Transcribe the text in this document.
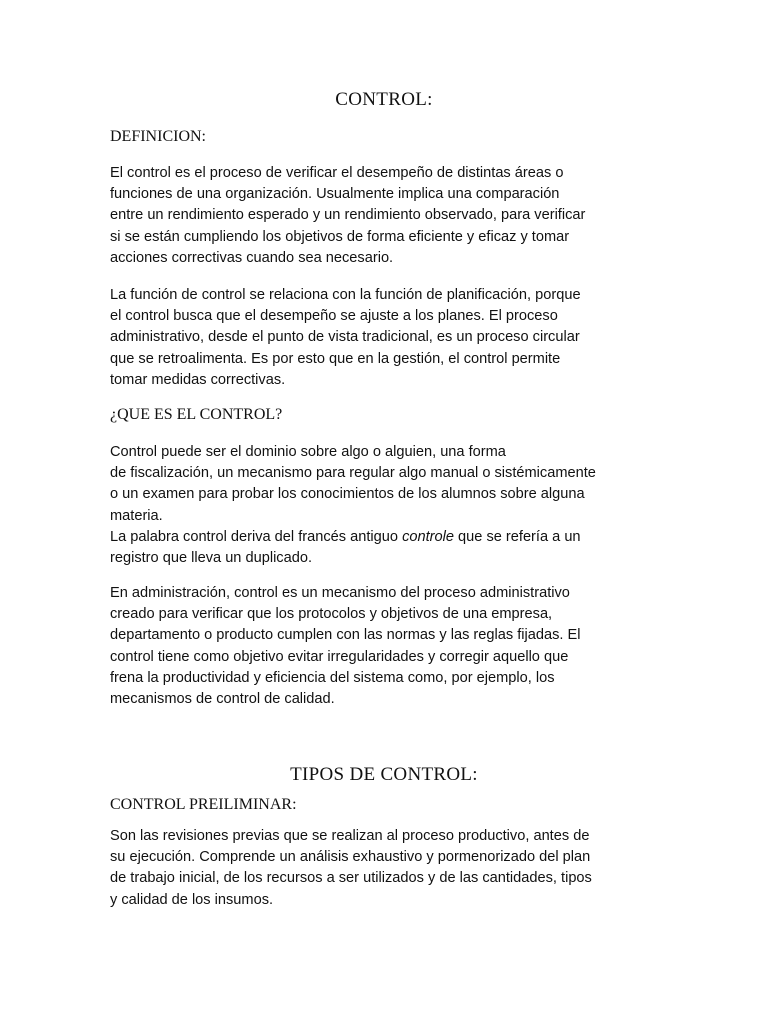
CONTROL:
DEFINICION:

El control es el proceso de verificar el desempeño de distintas áreas o
funciones de una organización. Usualmente implica una comparación
entre un rendimiento esperado y un rendimiento observado, para verificar
si se están cumpliendo los objetivos de forma eficiente y eficaz y tomar
acciones correctivas cuando sea necesario.

La función de control se relaciona con la función de planificación, porque
el control busca que el desempeño se ajuste a los planes. El proceso
administrativo, desde el punto de vista tradicional, es un proceso circular
que se retroalimenta. Es por esto que en la gestión, el control permite
tomar medidas correctivas.

¿QUE ES EL CONTROL?

Control puede ser el dominio sobre algo o alguien, una forma
de fiscalización, un mecanismo para regular algo manual o sistémicamente
o un examen para probar los conocimientos de los alumnos sobre alguna
materia.
La palabra control deriva del francés antiguo controle que se refería a un
registro que lleva un duplicado.

En administración, control es un mecanismo del proceso administrativo
creado para verificar que los protocolos y objetivos de una empresa,
departamento o producto cumplen con las normas y las reglas fijadas. El
control tiene como objetivo evitar irregularidades y corregir aquello que
frena la productividad y eficiencia del sistema como, por ejemplo, los
mecanismos de control de calidad.

TIPOS DE CONTROL:
CONTROL PREILIMINAR:

Son las revisiones previas que se realizan al proceso productivo, antes de
su ejecución. Comprende un análisis exhaustivo y pormenorizado del plan
de trabajo inicial, de los recursos a ser utilizados y de las cantidades, tipos
y calidad de los insumos.
